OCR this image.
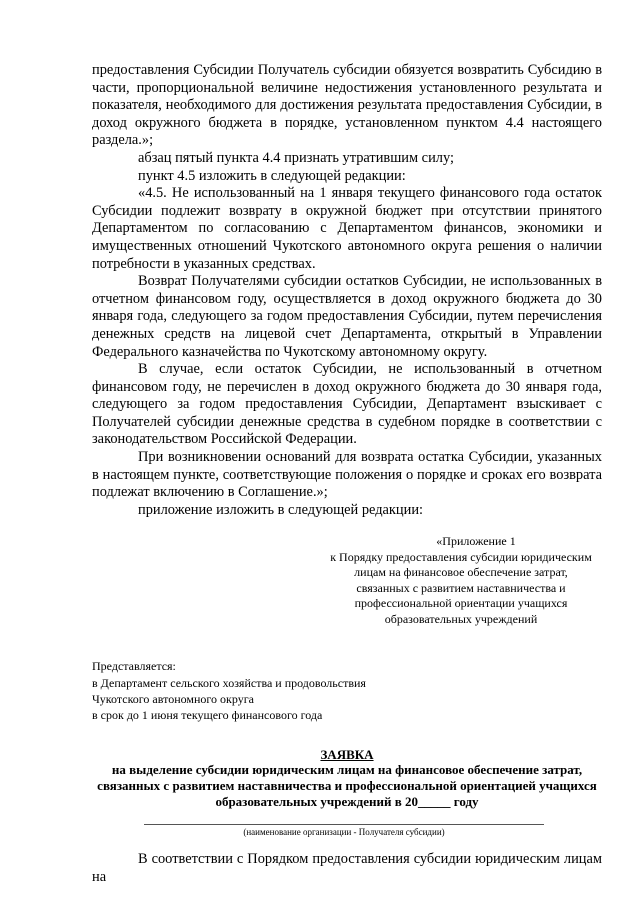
предоставления Субсидии Получатель субсидии обязуется возвратить Субсидию в части, пропорциональной величине недостижения установленного результата и показателя, необходимого для достижения результата предоставления Субсидии, в доход окружного бюджета в порядке, установленном пунктом 4.4 настоящего раздела.»;

абзац пятый пункта 4.4 признать утратившим силу;

пункт 4.5 изложить в следующей редакции:

«4.5. Не использованный на 1 января текущего финансового года остаток Субсидии подлежит возврату в окружной бюджет при отсутствии принятого Департаментом по согласованию с Департаментом финансов, экономики и имущественных отношений Чукотского автономного округа решения о наличии потребности в указанных средствах.

Возврат Получателями субсидии остатков Субсидии, не использованных в отчетном финансовом году, осуществляется в доход окружного бюджета до 30 января года, следующего за годом предоставления Субсидии, путем перечисления денежных средств на лицевой счет Департамента, открытый в Управлении Федерального казначейства по Чукотскому автономному округу.

В случае, если остаток Субсидии, не использованный в отчетном финансовом году, не перечислен в доход окружного бюджета до 30 января года, следующего за годом предоставления Субсидии, Департамент взыскивает с Получателей субсидии денежные средства в судебном порядке в соответствии с законодательством Российской Федерации.

При возникновении оснований для возврата остатка Субсидии, указанных в настоящем пункте, соответствующие положения о порядке и сроках его возврата подлежат включению в Соглашение.»;

приложение изложить в следующей редакции:

«Приложение 1
к Порядку предоставления субсидии юридическим
лицам на финансовое обеспечение затрат,
связанных с развитием наставничества и
профессиональной ориентации учащихся
образовательных учреждений
Представляется:
в Департамент сельского хозяйства и продовольствия
Чукотского автономного округа
в срок до 1 июня текущего финансового года
ЗАЯВКА
на выделение субсидии юридическим лицам на финансовое обеспечение затрат,
связанных с развитием наставничества и профессиональной ориентацией учащихся
образовательных учреждений в 20_____ году
(наименование организации - Получателя субсидии)

В соответствии с Порядком предоставления субсидии юридическим лицам на
